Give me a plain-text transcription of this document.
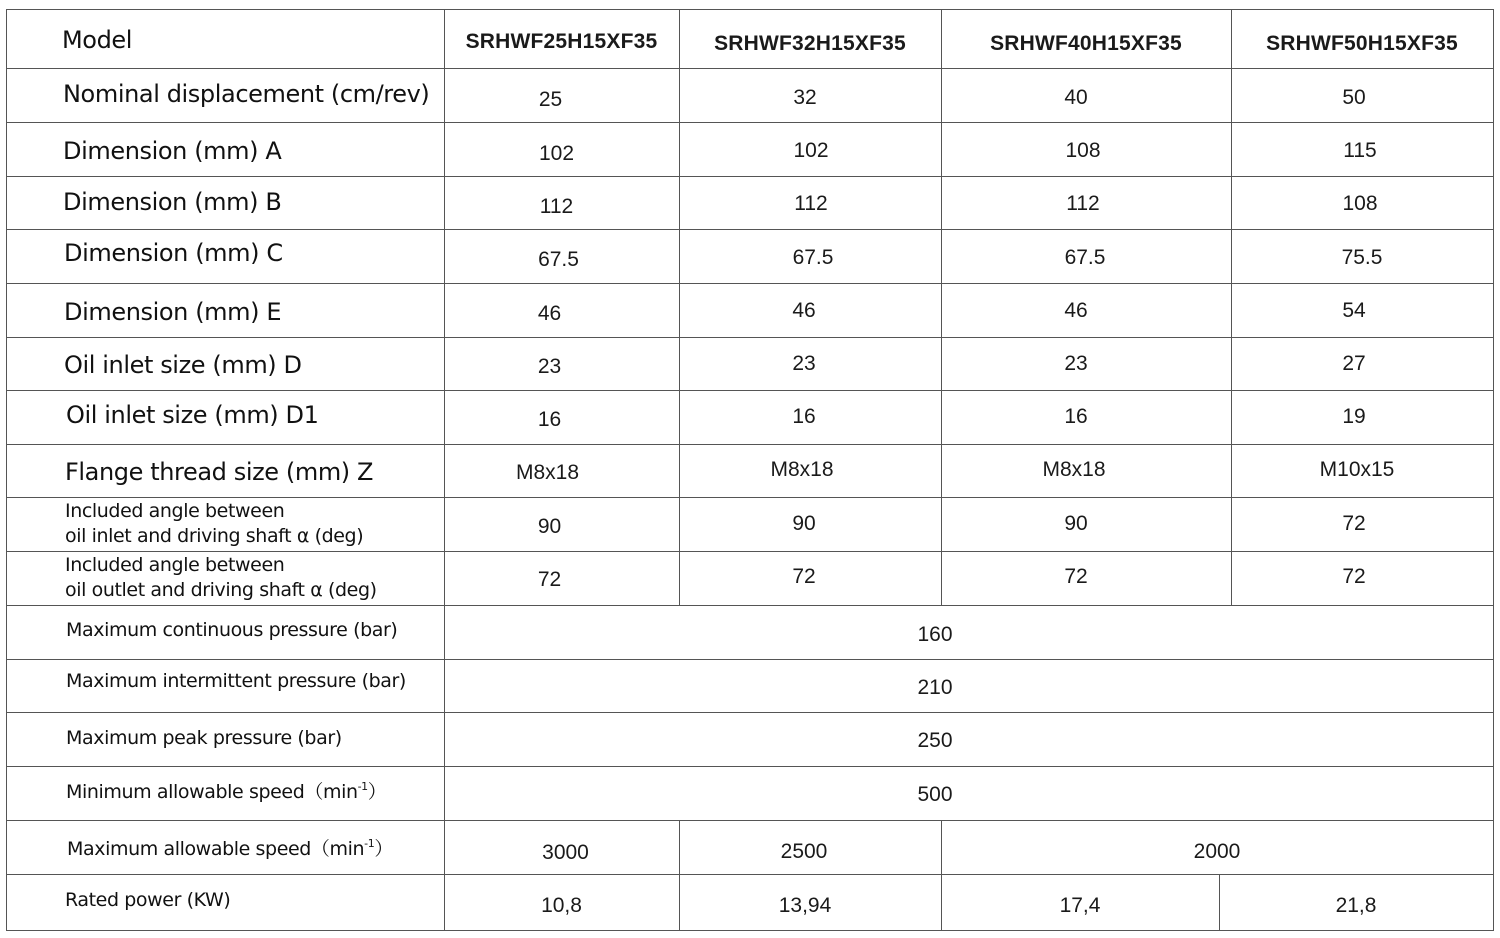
Model	SRHWF25H15XF35	SRHWF32H15XF35	SRHWF40H15XF35	SRHWF50H15XF35
Nominal displacement (cm/rev)	25	32	40	50
Dimension (mm) A	102	102	108	115
Dimension (mm) B	112	112	112	108
Dimension (mm) C	67.5	67.5	67.5	75.5
Dimension (mm) E	46	46	46	54
Oil inlet size (mm) D	23	23	23	27
Oil inlet size (mm) D1	16	16	16	19
Flange thread size (mm) Z	M8x18	M8x18	M8x18	M10x15
Included angle between
oil inlet and driving shaft α (deg)	90	90	90	72
Included angle between
oil outlet and driving shaft α (deg)	72	72	72	72
Maximum continuous pressure (bar)	160
Maximum intermittent pressure (bar)	210
Maximum peak pressure (bar)	250
Minimum allowable $speed(\min^{-1})$	500
Maximum allowable $speed(\min^{-1})$	3000	2500	2000
Rated power (KW)	10,8	13,94	17,4	21,8
